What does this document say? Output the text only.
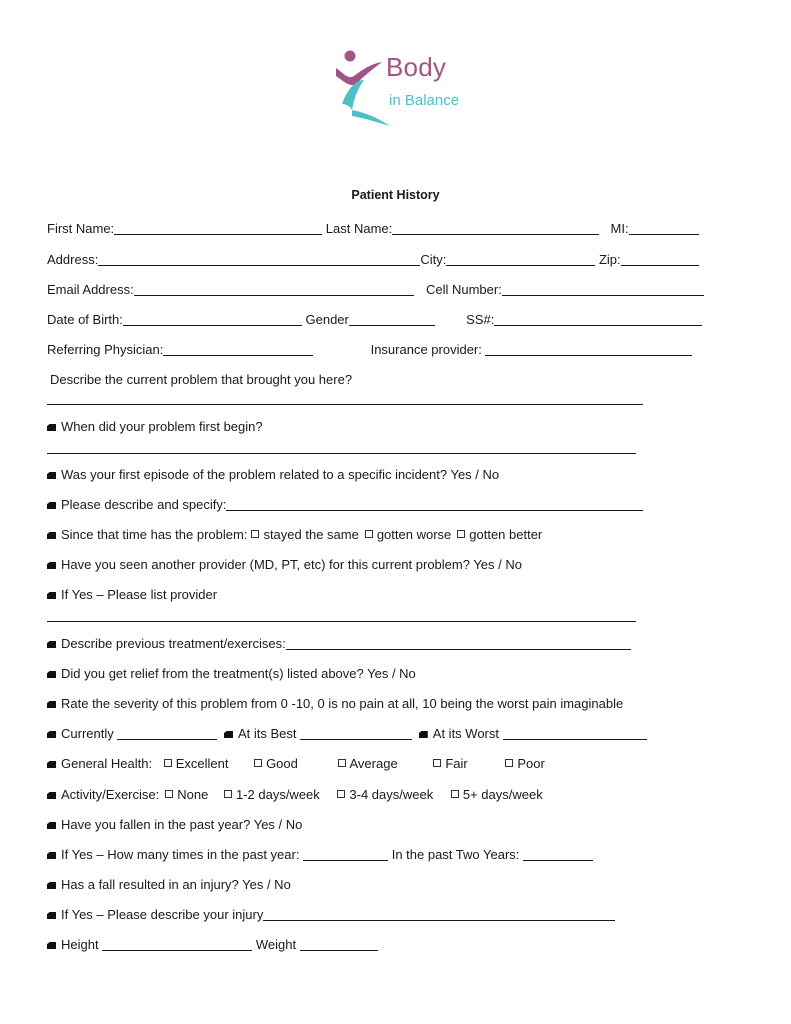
Body
in Balance
Patient History
First Name:	Last Name:	MI:
Address:	City:	Zip:
Email Address:	Cell Number:
Date of Birth:	Gender	SS#:
Referring Physician:	Insurance provider:
Describe the current problem that brought you here?
When did your problem first begin?
Was your first episode of the problem related to a specific incident? Yes / No
Please describe and specify:
Since that time has the problem: stayed the same gotten worse gotten better
Have you seen another provider (MD, PT, etc) for this current problem? Yes / No
If Yes – Please list provider
Describe previous treatment/exercises:
Did you get relief from the treatment(s) listed above? Yes / No
Rate the severity of this problem from 0 -10, 0 is no pain at all, 10 being the worst pain imaginable
Currently	At its Best	At its Worst
General Health: Excellent	Good	Average	Fair	Poor
Activity/Exercise: None 1-2 days/week 3-4 days/week 5+ days/week
Have you fallen in the past year? Yes / No
If Yes – How many times in the past year:	In the past Two Years:
Has a fall resulted in an injury? Yes / No
If Yes – Please describe your injury
Height	Weight
